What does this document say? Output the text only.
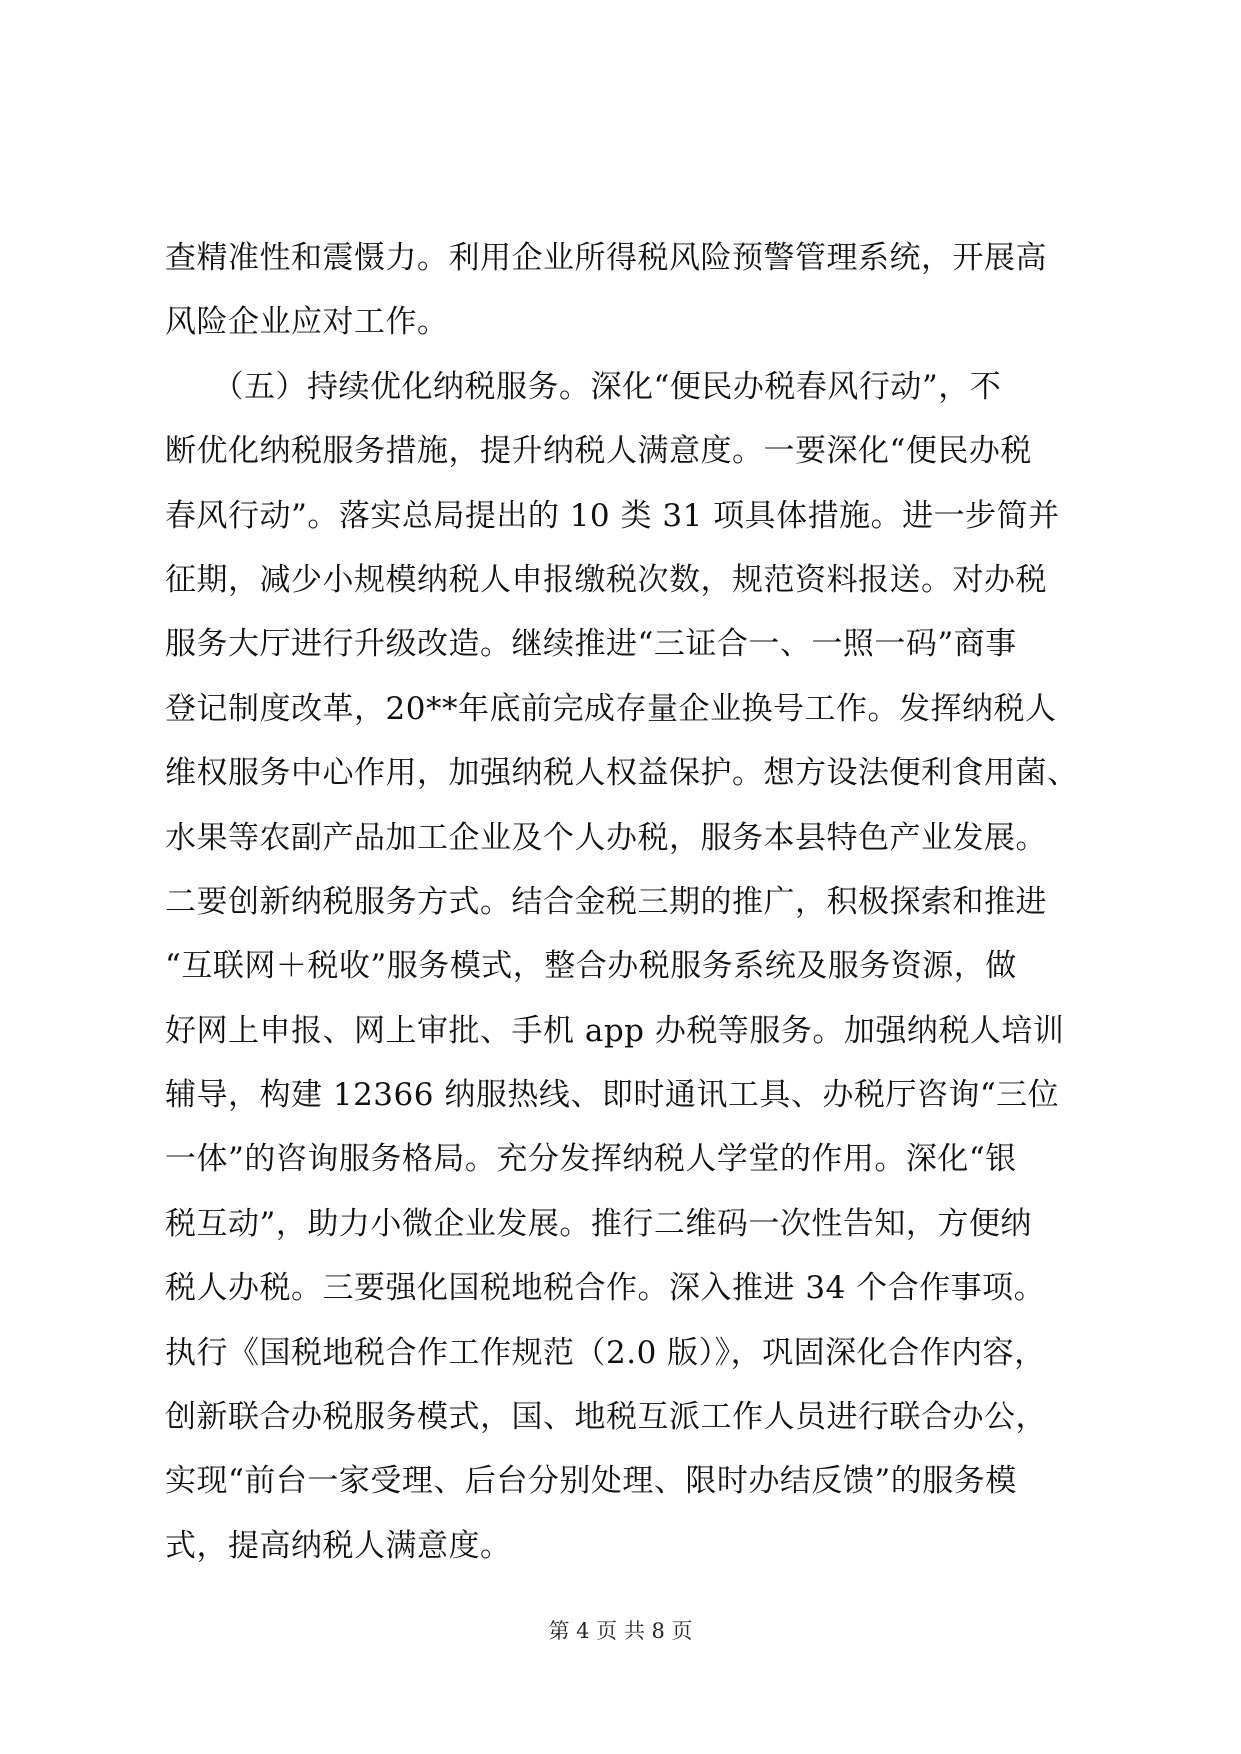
查精准性和震慑力。利用企业所得税风险预警管理系统，开展高
风险企业应对工作。
　　（五）持续优化纳税服务。深化“便民办税春风行动”，不
断优化纳税服务措施，提升纳税人满意度。一要深化“便民办税
春风行动”。落实总局提出的 10 类 31 项具体措施。进一步简并
征期，减少小规模纳税人申报缴税次数，规范资料报送。对办税
服务大厅进行升级改造。继续推进“三证合一、一照一码”商事
登记制度改革，20**年底前完成存量企业换号工作。发挥纳税人
维权服务中心作用，加强纳税人权益保护。想方设法便利食用菌、
水果等农副产品加工企业及个人办税，服务本县特色产业发展。
二要创新纳税服务方式。结合金税三期的推广，积极探索和推进
“互联网＋税收”服务模式，整合办税服务系统及服务资源，做
好网上申报、网上审批、手机 app 办税等服务。加强纳税人培训
辅导，构建 12366 纳服热线、即时通讯工具、办税厅咨询“三位
一体”的咨询服务格局。充分发挥纳税人学堂的作用。深化“银
税互动”，助力小微企业发展。推行二维码一次性告知，方便纳
税人办税。三要强化国税地税合作。深入推进 34 个合作事项。
执行《国税地税合作工作规范（2.0 版）》，巩固深化合作内容，
创新联合办税服务模式，国、地税互派工作人员进行联合办公，
实现“前台一家受理、后台分别处理、限时办结反馈”的服务模
式，提高纳税人满意度。
第 4 页 共 8 页
